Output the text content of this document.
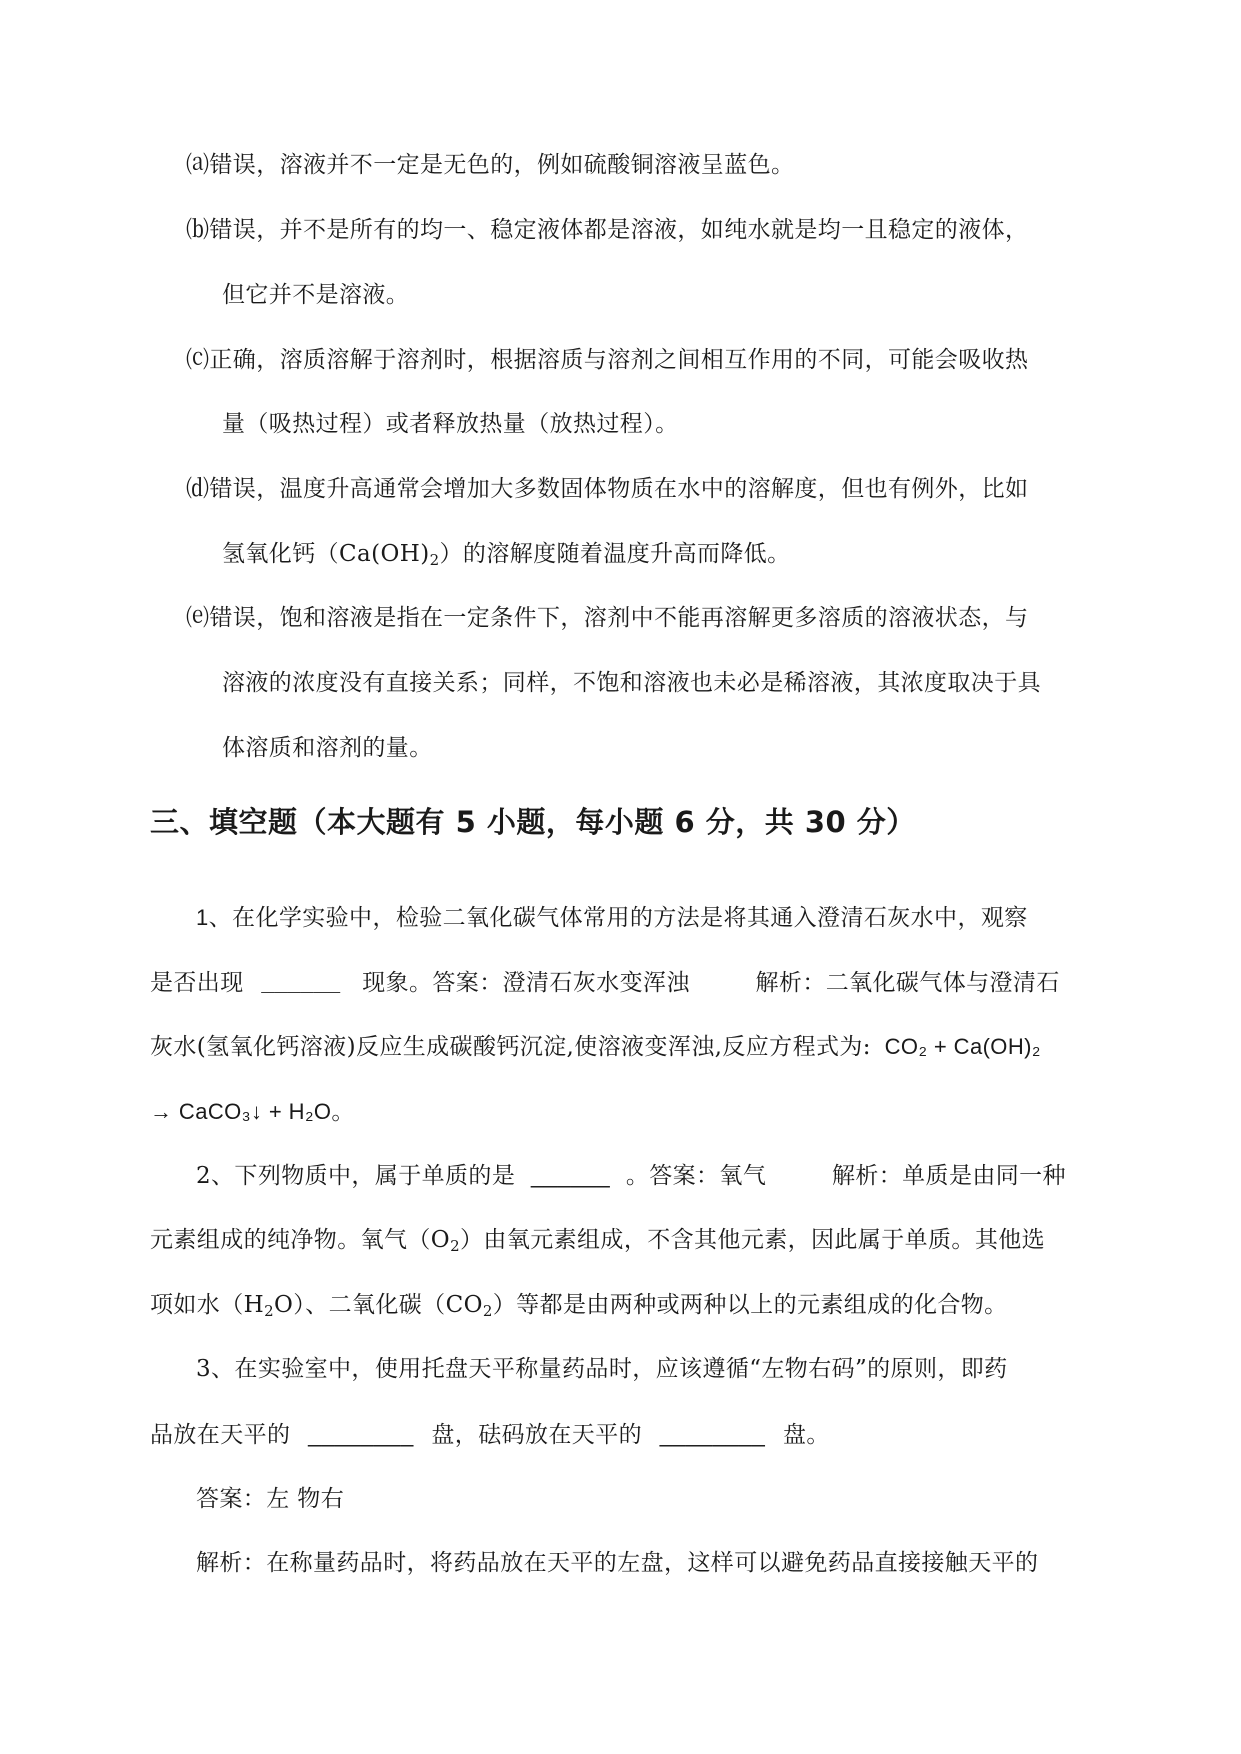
⒜错误，溶液并不一定是无色的，例如硫酸铜溶液呈蓝色。
⒝错误，并不是所有的均一、稳定液体都是溶液，如纯水就是均一且稳定的液体，
但它并不是溶液。
⒞正确，溶质溶解于溶剂时，根据溶质与溶剂之间相互作用的不同，可能会吸收热
量（吸热过程）或者释放热量（放热过程）。
⒟错误，温度升高通常会增加大多数固体物质在水中的溶解度，但也有例外，比如
氢氧化钙$(Ca(OH)_2)$的溶解度随着温度升高而降低。
⒠错误，饱和溶液是指在一定条件下，溶剂中不能再溶解更多溶质的溶液状态，与
溶液的浓度没有直接关系；同样，不饱和溶液也未必是稀溶液，其浓度取决于具
体溶质和溶剂的量。
三、填空题（本大题有 5 小题，每小题 6 分，共 30 分）
1、在化学实验中，检验二氧化碳气体常用的方法是将其通入澄清石灰水中，观察
是否出现 ______ 现象。答案：澄清石灰水变浑浊	解析：二氧化碳气体与澄清石
灰水(氢氧化钙溶液)反应生成碳酸钙沉淀,使溶液变浑浊,反应方程式为: CO₂ + Ca(OH)₂
→ CaCO₃↓ + H₂O。
2、下列物质中，属于单质的是 ______ 。答案：氧气	解析：单质是由同一种
元素组成的纯净物。氧气$(O_2)$由氧元素组成，不含其他元素，因此属于单质。其他选
项如水$(H_2O)$、二氧化碳$(CO_2)$等都是由两种或两种以上的元素组成的化合物。
3、在实验室中，使用托盘天平称量药品时，应该遵循“左物右码”的原则，即药
品放在天平的 ________ 盘，砝码放在天平的 ________ 盘。
答案：左 物右
解析：在称量药品时，将药品放在天平的左盘，这样可以避免药品直接接触天平的
